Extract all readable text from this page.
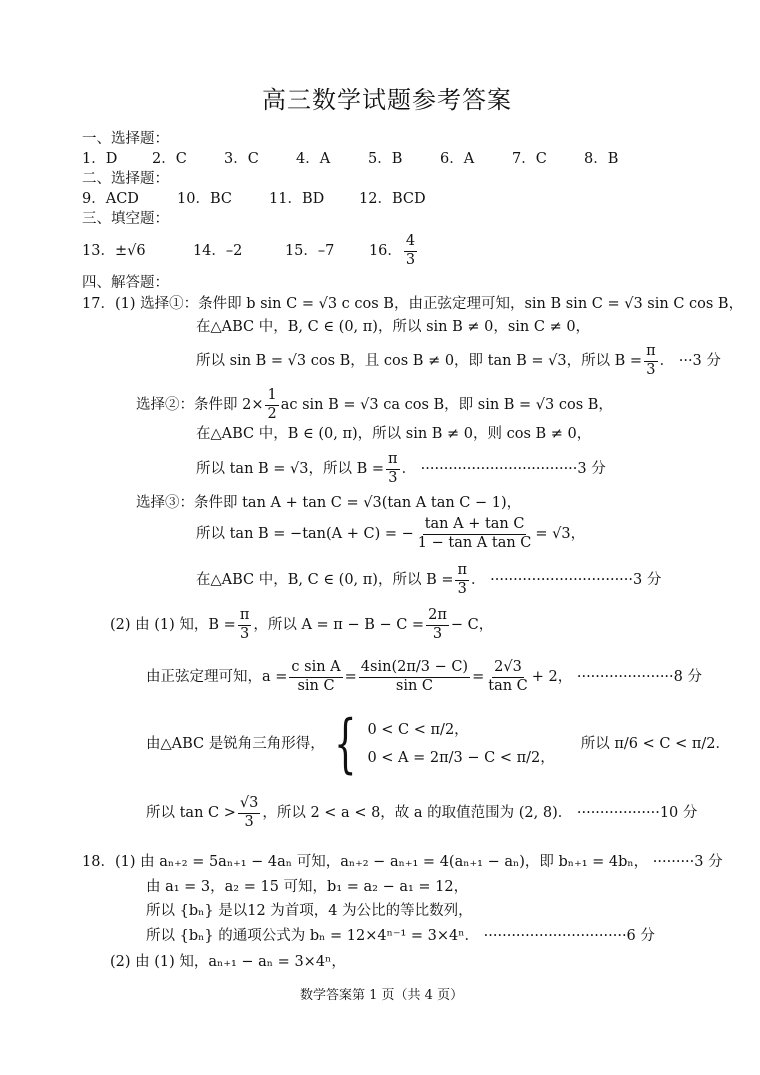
高三数学试题参考答案
一、选择题：
1．D	2．C	3．C	4．A	5．B	6．A	7．C	8．B
二、选择题：
9．ACD	10．BC	11．BD	12．BCD
三、填空题：
13． ±√6	14．–2	15．–7	16． $\frac{4}{3}$
四、解答题：
17．(1) 选择①：条件即 b sin C = √3 c cos B，由正弦定理可知，sin B sin C = √3 sin C cos B，
在△ABC 中，B, C ∈ (0, π)，所以 sin B ≠ 0，sin C ≠ 0，
所以 sin B = √3 cos B，且 cos B ≠ 0，即 tan B = √3，所以 $B = \frac{\pi}{3}$ ． ···3 分
选择②：条件即 $2\times \frac{1}{2}$ ac sin B = √3 ca cos B，即 sin B = √3 cos B，
在△ABC 中，B ∈ (0, π)，所以 sin B ≠ 0，则 cos B ≠ 0，
所以 tan B = √3，所以 $B = \frac{\pi}{3}$ ． ··································3 分
选择③：条件即 tan A + tan C = √3(tan A tan C − 1)，
所以 tan B = −tan(A + C) = − $\frac{\text{tan A + tan C}}{\text{1 − tan A tan C}} = √3$，
在△ABC 中，B, C ∈ (0, π)，所以 $B = \frac{\pi}{3}$ ． ·······························3 分
(2) 由 (1) 知，$B = \frac{\pi}{3}$ ，所以 $A = \pi - B - C = \frac{2\pi}{3} - C$，
由正弦定理可知，$a = \frac{\text{c sin A}}{\text{sin C}} = \frac{4\sin(2\pi/3 - C)}{\text{sin C}} = \frac{2√3}{\text{tan C}} + 2$， ·····················8 分
由△ABC 是锐角三角形得， { 0 < C < π/2，
0 < A = 2π/3 − C < π/2，
所以 π/6 < C < π/2．
所以 $\tan C > \frac{√3}{3}$ ，所以 2 < a < 8，故 a 的取值范围为 (2, 8)． ··················10 分
18．(1) 由 aₙ₊₂ = 5aₙ₊₁ − 4aₙ 可知，aₙ₊₂ − aₙ₊₁ = 4(aₙ₊₁ − aₙ)，即 bₙ₊₁ = 4bₙ， ·········3 分
由 a₁ = 3，a₂ = 15 可知，b₁ = a₂ − a₁ = 12，
所以 {bₙ} 是以12 为首项，4 为公比的等比数列，
所以 {bₙ} 的通项公式为 bₙ = 12×4ⁿ⁻¹ = 3×4ⁿ． ·······························6 分
(2) 由 (1) 知，aₙ₊₁ − aₙ = 3×4ⁿ，
数学答案第 1 页（共 4 页）
